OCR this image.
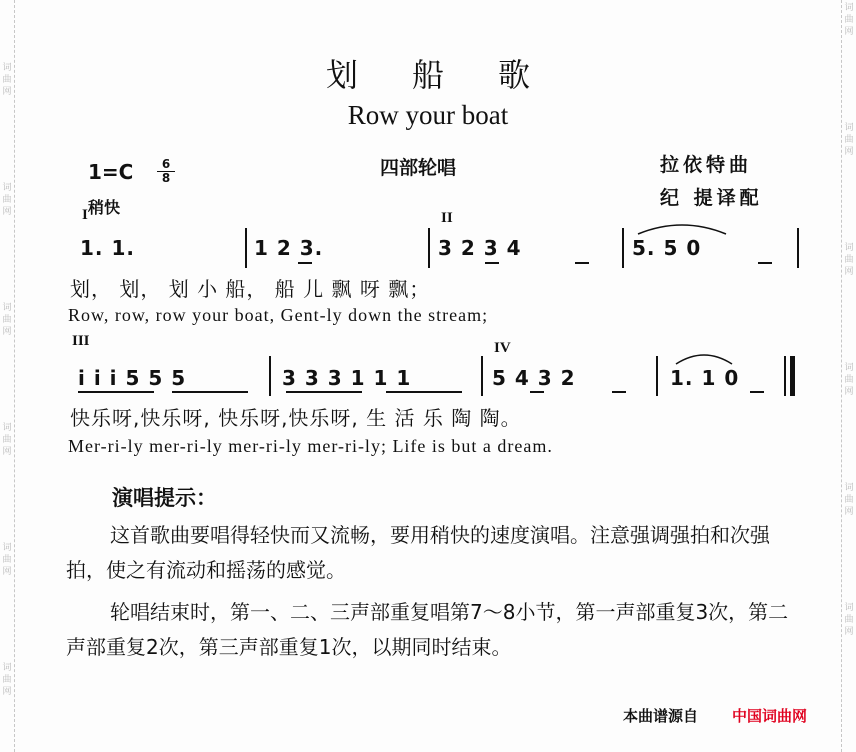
词
曲
网
词
曲
网
词
曲
网
词
曲
网
词
曲
网
词
曲
网
词
曲
网
词
曲
网
词
曲
网
词
曲
网
词
曲
网
词
曲
网
划船歌
Row your boat
$1=C \frac{6}{8}$
稍快
四部轮唱	拉依特曲
纪 提译配
I	II
1. 1.	1 2 3.	3 2 3 4	5. 5 0
划， 划， 划 小 船， 船 儿 飘 呀 飘；
Row, row, row your boat, Gent-ly down the stream;
III	IV
i i i 5 5 5	3 3 3 1 1 1	5 4 3 2	1. 1 0
快乐呀,快乐呀, 快乐呀,快乐呀, 生 活 乐 陶 陶。
Mer-ri-ly mer-ri-ly mer-ri-ly mer-ri-ly; Life is but a dream.
演唱提示：
这首歌曲要唱得轻快而又流畅，要用稍快的速度演唱。注意强调强拍和次强拍，使之有流动和摇荡的感觉。
轮唱结束时，第一、二、三声部重复唱第7～8小节，第一声部重复3次，第二声部重复2次，第三声部重复1次，以期同时结束。
本曲谱源自 中国词曲网
